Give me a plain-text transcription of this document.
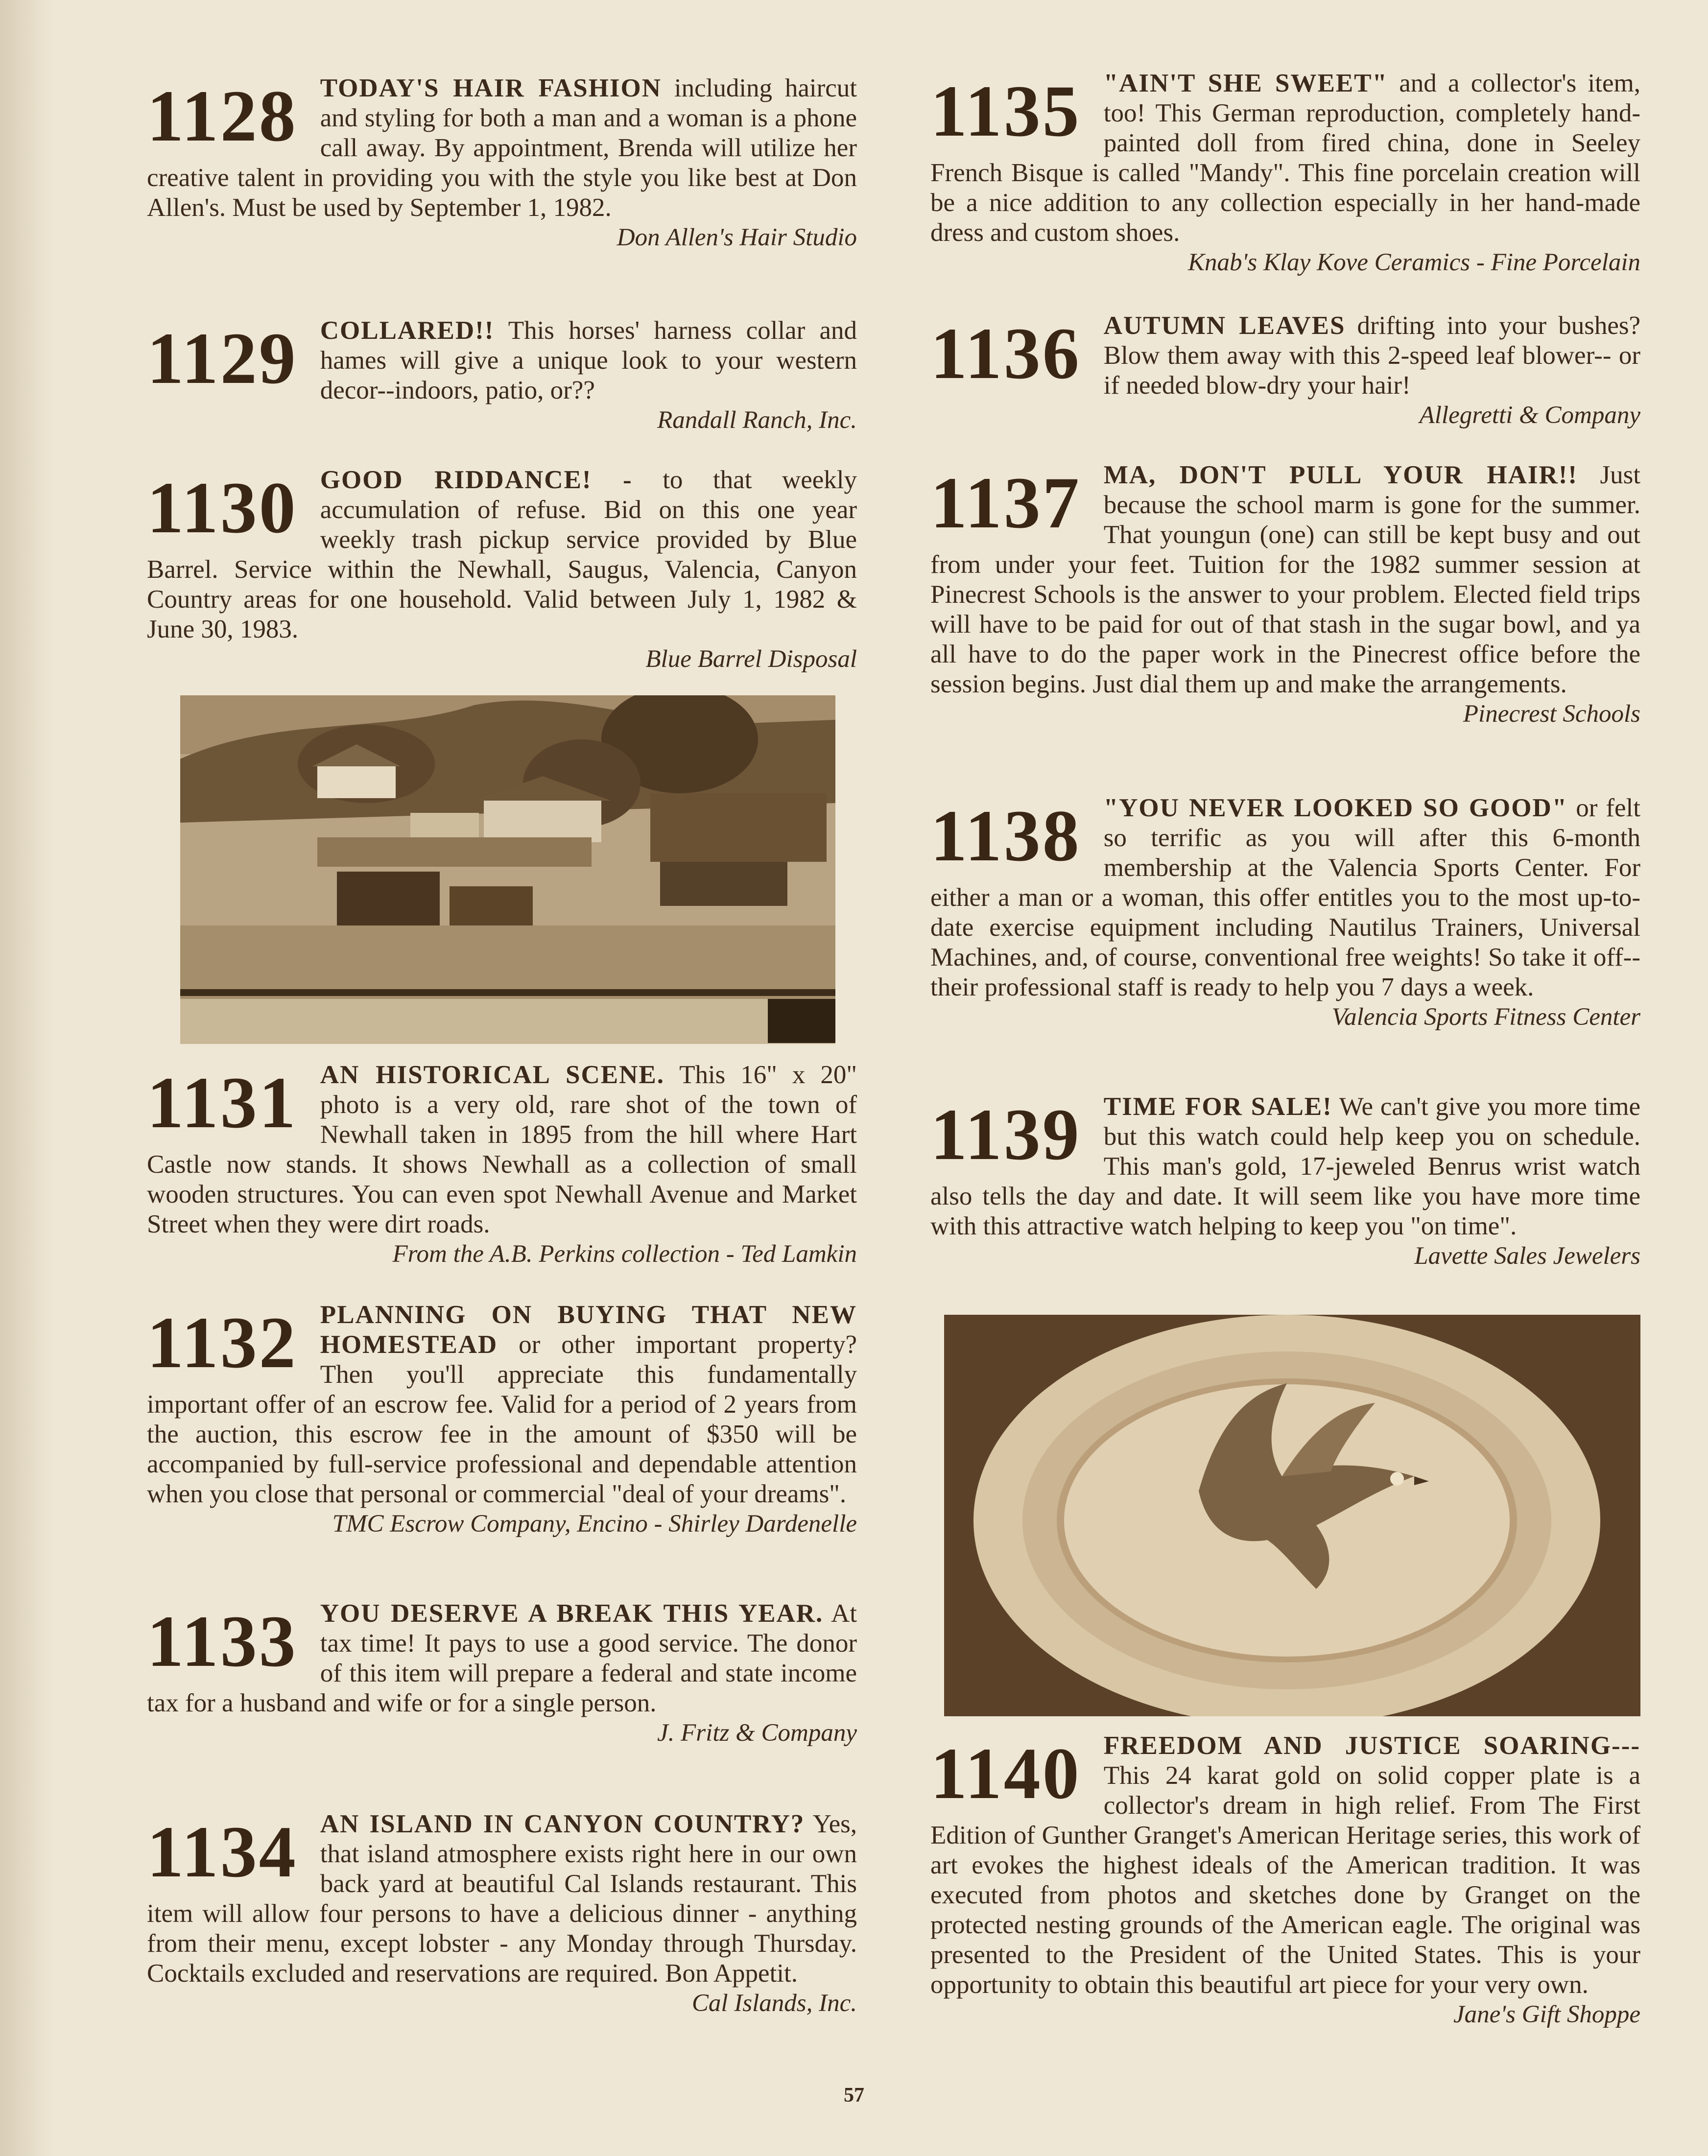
1128 TODAY'S HAIR FASHION including haircut and styling for both a man and a woman is a phone call away. By appointment, Brenda will utilize her creative talent in providing you with the style you like best at Don Allen's. Must be used by September 1, 1982.

Don Allen's Hair Studio

1129 COLLARED!! This horses' harness collar and hames will give a unique look to your western decor--indoors, patio, or??

Randall Ranch, Inc.

1130 GOOD RIDDANCE! - to that weekly accumulation of refuse. Bid on this one year weekly trash pickup service provided by Blue Barrel. Service within the Newhall, Saugus, Valencia, Canyon Country areas for one household. Valid between July 1, 1982 & June 30, 1983.

Blue Barrel Disposal

1131 AN HISTORICAL SCENE. This 16" x 20" photo is a very old, rare shot of the town of Newhall taken in 1895 from the hill where Hart Castle now stands. It shows Newhall as a collection of small wooden structures. You can even spot Newhall Avenue and Market Street when they were dirt roads.

From the A.B. Perkins collection - Ted Lamkin

1132 PLANNING ON BUYING THAT NEW HOMESTEAD or other important property? Then you'll appreciate this fundamentally important offer of an escrow fee. Valid for a period of 2 years from the auction, this escrow fee in the amount of $350 will be accompanied by full-service professional and dependable attention when you close that personal or commercial "deal of your dreams".

TMC Escrow Company, Encino - Shirley Dardenelle

1133 YOU DESERVE A BREAK THIS YEAR. At tax time! It pays to use a good service. The donor of this item will prepare a federal and state income tax for a husband and wife or for a single person.

J. Fritz & Company

1134 AN ISLAND IN CANYON COUNTRY? Yes, that island atmosphere exists right here in our own back yard at beautiful Cal Islands restaurant. This item will allow four persons to have a delicious dinner - anything from their menu, except lobster - any Monday through Thursday. Cocktails excluded and reservations are required. Bon Appetit.

Cal Islands, Inc.

1135 "AIN'T SHE SWEET" and a collector's item, too! This German reproduction, completely hand-painted doll from fired china, done in Seeley French Bisque is called "Mandy". This fine porcelain creation will be a nice addition to any collection especially in her hand-made dress and custom shoes.

Knab's Klay Kove Ceramics - Fine Porcelain

1136 AUTUMN LEAVES drifting into your bushes? Blow them away with this 2-speed leaf blower-- or if needed blow-dry your hair!

Allegretti & Company

1137 MA, DON'T PULL YOUR HAIR!! Just because the school marm is gone for the summer. That youngun (one) can still be kept busy and out from under your feet. Tuition for the 1982 summer session at Pinecrest Schools is the answer to your problem. Elected field trips will have to be paid for out of that stash in the sugar bowl, and ya all have to do the paper work in the Pinecrest office before the session begins. Just dial them up and make the arrangements.

Pinecrest Schools

1138 "YOU NEVER LOOKED SO GOOD" or felt so terrific as you will after this 6-month membership at the Valencia Sports Center. For either a man or a woman, this offer entitles you to the most up-to-date exercise equipment including Nautilus Trainers, Universal Machines, and, of course, conventional free weights! So take it off--their professional staff is ready to help you 7 days a week.

Valencia Sports Fitness Center

1139 TIME FOR SALE! We can't give you more time but this watch could help keep you on schedule. This man's gold, 17-jeweled Benrus wrist watch also tells the day and date. It will seem like you have more time with this attractive watch helping to keep you "on time".

Lavette Sales Jewelers

1140 FREEDOM AND JUSTICE SOARING--- This 24 karat gold on solid copper plate is a collector's dream in high relief. From The First Edition of Gunther Granget's American Heritage series, this work of art evokes the highest ideals of the American tradition. It was executed from photos and sketches done by Granget on the protected nesting grounds of the American eagle. The original was presented to the President of the United States. This is your opportunity to obtain this beautiful art piece for your very own.

Jane's Gift Shoppe

57
